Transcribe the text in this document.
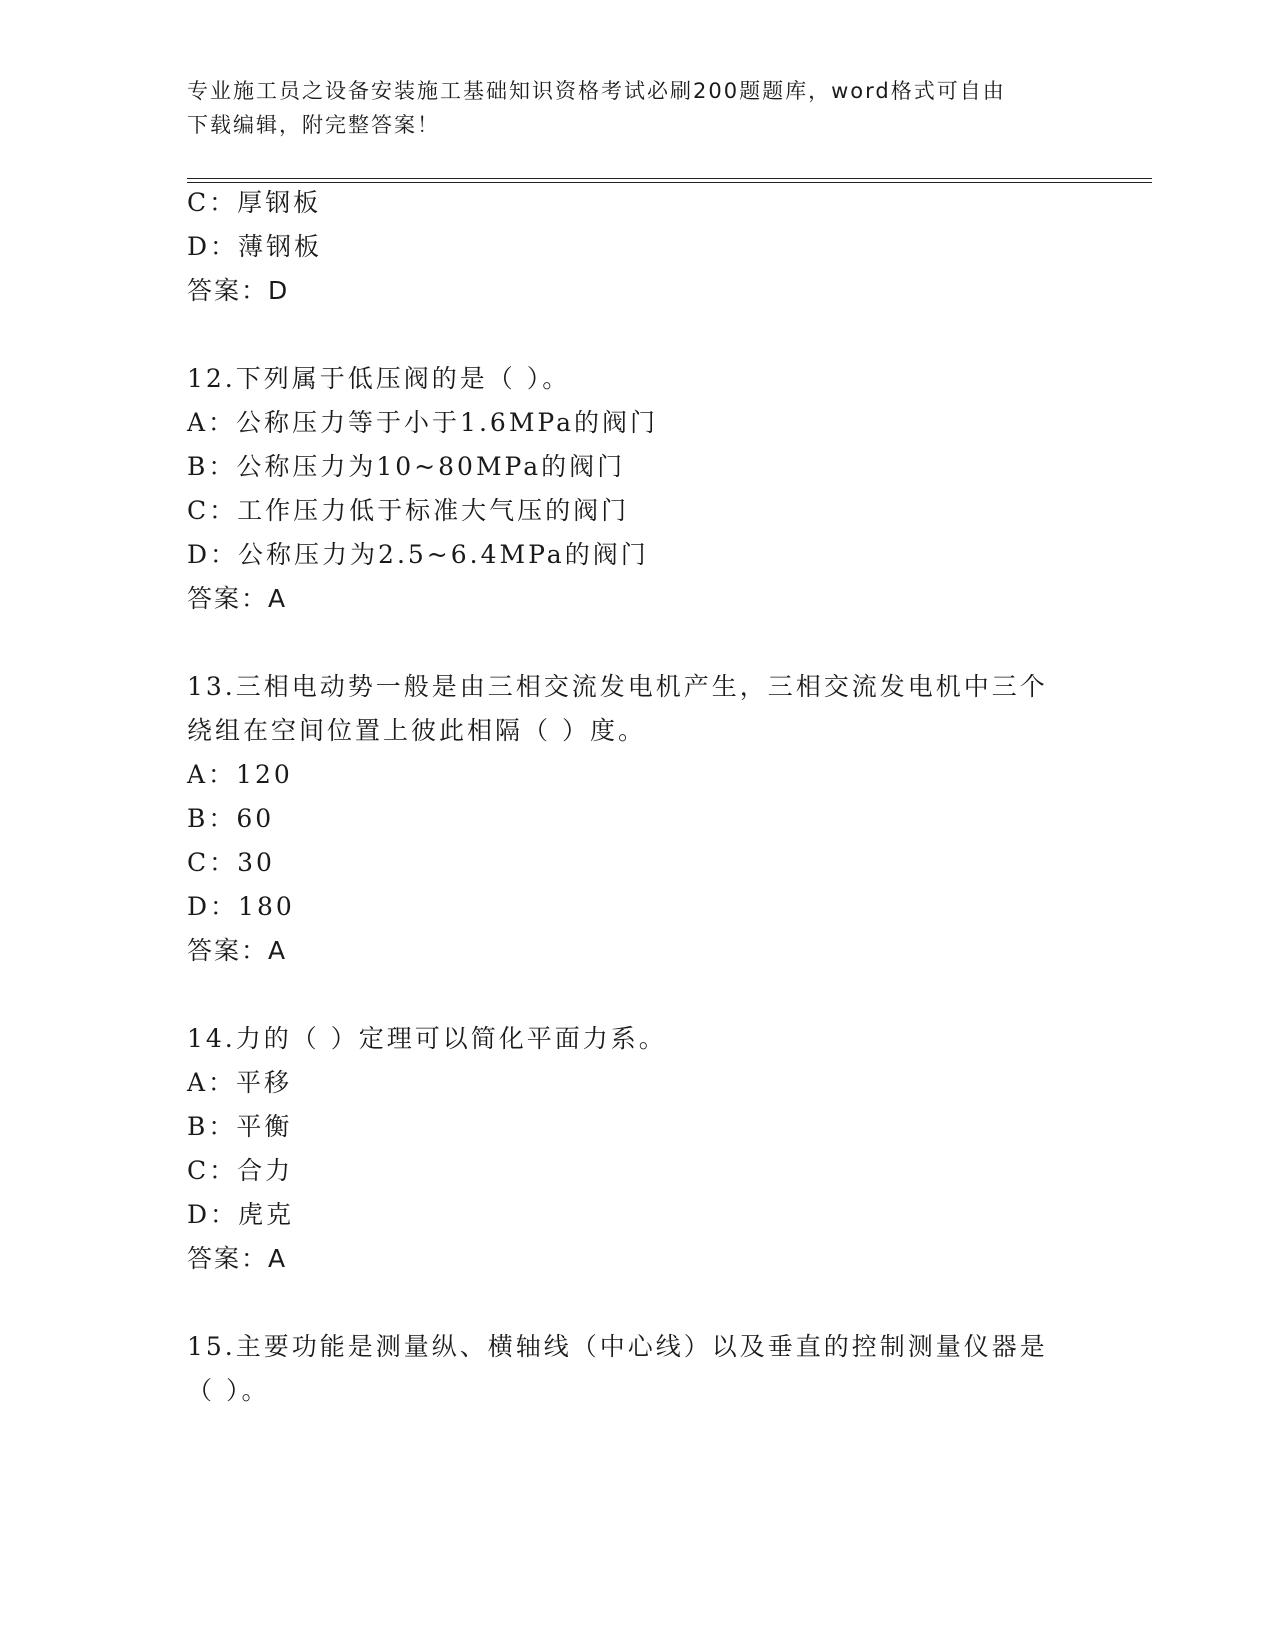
专业施工员之设备安装施工基础知识资格考试必刷200题题库，word格式可自由
下载编辑，附完整答案！
C：厚钢板
D：薄钢板
答案：D
12.下列属于低压阀的是（ ）。
A：公称压力等于小于1.6MPa的阀门
B：公称压力为10~80MPa的阀门
C：工作压力低于标准大气压的阀门
D：公称压力为2.5~6.4MPa的阀门
答案：A
13.三相电动势一般是由三相交流发电机产生，三相交流发电机中三个
绕组在空间位置上彼此相隔（ ）度。
A：120
B：60
C：30
D：180
答案：A
14.力的（ ）定理可以简化平面力系。
A：平移
B：平衡
C：合力
D：虎克
答案：A
15.主要功能是测量纵、横轴线（中心线）以及垂直的控制测量仪器是
（ ）。
